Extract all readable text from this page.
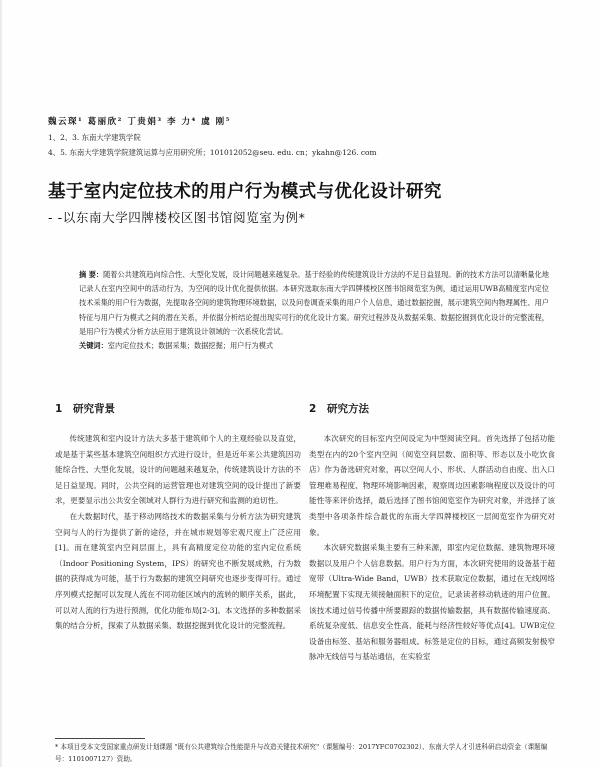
魏云琛¹ 葛丽欣² 丁贵娟³ 李 力⁴ 虞 刚⁵
1、2、3. 东南大学建筑学院
4、5. 东南大学建筑学院建筑运算与应用研究所；101012052@seu. edu. cn；ykahn@126. com
基于室内定位技术的用户行为模式与优化设计研究
- -以东南大学四牌楼校区图书馆阅览室为例*
摘 要：随着公共建筑趋向综合性、大型化发展，设计问题越来越复杂。基于经验的传统建筑设计方法的不足日益显现。新的技术方法可以清晰量化地记录人在室内空间中的活动行为，为空间的设计优化提供依据。本研究选取东南大学四牌楼校区图书馆阅览室为例，通过运用UWB高精度室内定位技术采集的用户行为数据，先提取各空间的建筑物理环境数据，以及问卷调查采集的用户个人信息，通过数据挖掘，展示建筑空间内物理属性、用户特征与用户行为模式之间的潜在关系，并依据分析结论提出现实可行的优化设计方案。研究过程涉及从数据采集、数据挖掘到优化设计的完整流程，是用户行为模式分析方法应用于建筑设计领域的一次系统化尝试。
关键词：室内定位技术；数据采集；数据挖掘；用户行为模式
1 研究背景

传统建筑和室内设计方法大多基于建筑师个人的主观经验以及直觉，或是基于某些基本建筑空间组织方式进行设计，但是近年来公共建筑因功能综合性、大型化发展，设计的问题越来越复杂，传统建筑设计方法的不足日益显现。同时，公共空间的运营管理也对建筑空间的设计提出了新要求，更要显示出公共安全领域对人群行为进行研究和监测的迫切性。

在大数据时代，基于移动网络技术的数据采集与分析方法为研究建筑空间与人的行为提供了新的途径，并在城市规划等宏观尺度上广泛应用[1]。而在建筑室内空间层面上，具有高精度定位功能的室内定位系统（Indoor Positioning System，IPS）的研究也不断发展成熟，行为数据的获得成为可能，基于行为数据的建筑空间研究也逐步变得可行。通过序列模式挖掘可以发现人流在不同功能区域内的流转的顺序关系，据此，可以对人流的行为进行预测，优化功能布局[2-3]。本文选择的多种数据采集的结合分析，探索了从数据采集、数据挖掘到优化设计的完整流程。

2 研究方法

本次研究的目标室内空间设定为中型阅读空间。首先选择了包括功能类型在内的20个室内空间（阅览空间层数、面积等、形态以及小吃饮食店）作为备选研究对象，再以空间人小、形状、人群活动自由度、出入口管理难易程度、物理环境影响因素，观察周边因素影响程度以及设计的可能性等来评价选择，最后选择了图书馆阅览室作为研究对象，并选择了该类型中各项条件综合最优的东南大学四牌楼校区一层阅览室作为研究对象。

本次研究数据采集主要有三种来源，即室内定位数据、建筑物理环境数据以及用户个人信息数据。用户行为方面，本次研究使用的设备基于超宽带（Ultra-Wide Band，UWB）技术获取定位数据，通过在无线网络环境配置下实现无须接触面积下的定位，记录读者移动轨迹的用户位置。该技术通过信号传播中所要跟踪的数据传输数据，具有数据传输速度高、系统复杂度低、信息安全性高、能耗与经济性较好等优点[4]。UWB定位设备由标签、基站和服务器组成。标签是定位的目标，通过高频发射极窄脉冲无线信号与基站通信，在实验室

* 本项目受本文受国家重点研发计划课题 "既有公共建筑综合性能提升与改造关键技术研究"（课题编号：2017YFC0702302）、东南大学人才引进科研启动资金（课题编号：1101007127）资助。
